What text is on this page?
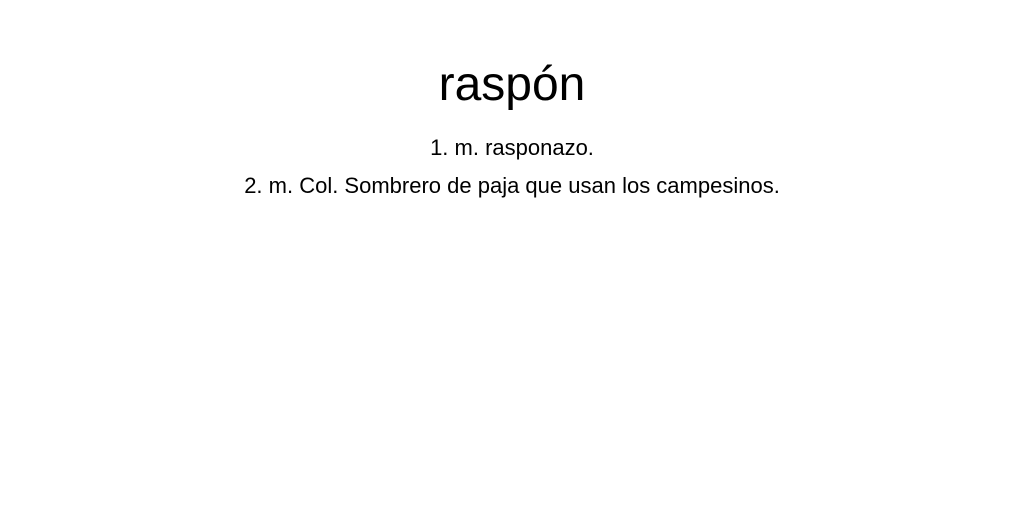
raspón
1. m. rasponazo.
2. m. Col. Sombrero de paja que usan los campesinos.
